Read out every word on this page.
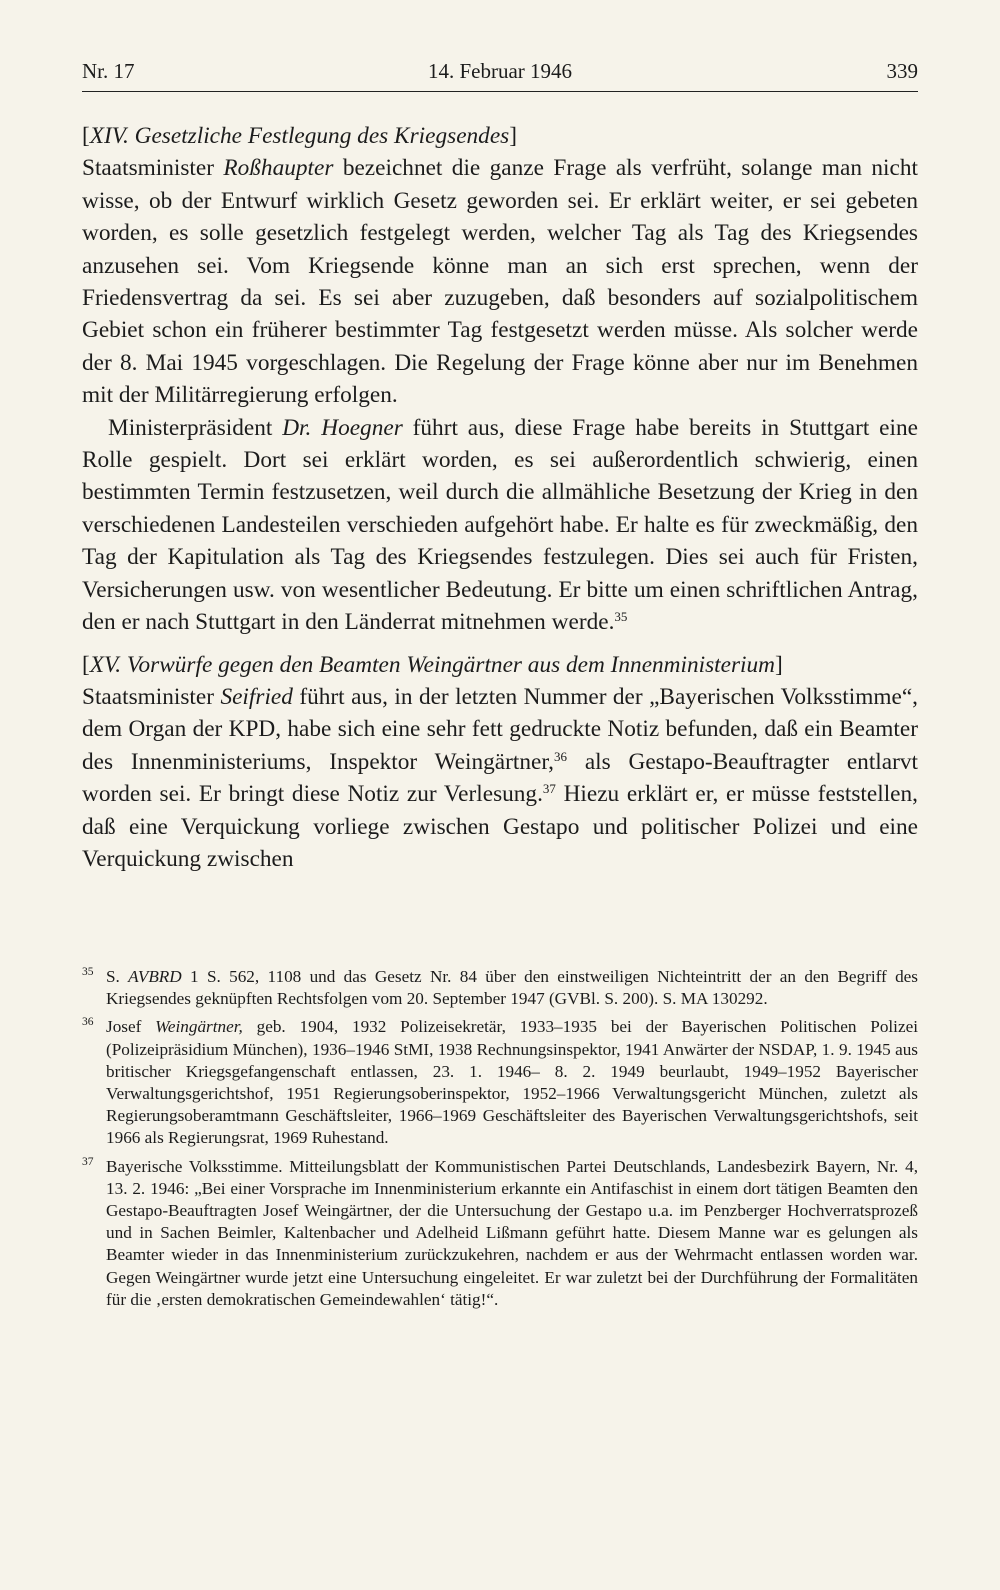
Nr. 17	14. Februar 1946	339

[XIV. Gesetzliche Festlegung des Kriegsendes]

Staatsminister Roßhaupter bezeichnet die ganze Frage als verfrüht, solange man nicht wisse, ob der Entwurf wirklich Gesetz geworden sei. Er erklärt weiter, er sei gebeten worden, es solle gesetzlich festgelegt werden, welcher Tag als Tag des Kriegsendes anzusehen sei. Vom Kriegsende könne man an sich erst sprechen, wenn der Friedensvertrag da sei. Es sei aber zuzugeben, daß besonders auf sozialpolitischem Gebiet schon ein früherer bestimmter Tag festgesetzt werden müsse. Als solcher werde der 8. Mai 1945 vorgeschlagen. Die Regelung der Frage könne aber nur im Benehmen mit der Militärregierung erfolgen.

Ministerpräsident Dr. Hoegner führt aus, diese Frage habe bereits in Stuttgart eine Rolle gespielt. Dort sei erklärt worden, es sei außerordentlich schwierig, einen bestimmten Termin festzusetzen, weil durch die allmähliche Besetzung der Krieg in den verschiedenen Landesteilen verschieden aufgehört habe. Er halte es für zweckmäßig, den Tag der Kapitulation als Tag des Kriegsendes festzulegen. Dies sei auch für Fristen, Versicherungen usw. von wesentlicher Bedeutung. Er bitte um einen schriftlichen Antrag, den er nach Stuttgart in den Länderrat mitnehmen werde.$^{35}$

[XV. Vorwürfe gegen den Beamten Weingärtner aus dem Innenministerium]

Staatsminister Seifried führt aus, in der letzten Nummer der „Bayerischen Volksstimme“, dem Organ der KPD, habe sich eine sehr fett gedruckte Notiz befunden, daß ein Beamter des Innenministeriums, Inspektor Weingärtner,$^{36}$ als Gestapo-Beauftragter entlarvt worden sei. Er bringt diese Notiz zur Verlesung.$^{37}$ Hiezu erklärt er, er müsse feststellen, daß eine Verquickung vorliege zwischen Gestapo und politischer Polizei und eine Verquickung zwischen

35 S. AVBRD 1 S. 562, 1108 und das Gesetz Nr. 84 über den einstweiligen Nichteintritt der an den Begriff des Kriegsendes geknüpften Rechtsfolgen vom 20. September 1947 (GVBl. S. 200). S. MA 130292.

36 Josef Weingärtner, geb. 1904, 1932 Polizeisekretär, 1933–1935 bei der Bayerischen Politischen Polizei (Polizeipräsidium München), 1936–1946 StMI, 1938 Rechnungsinspektor, 1941 Anwärter der NSDAP, 1. 9. 1945 aus britischer Kriegsgefangenschaft entlassen, 23. 1. 1946– 8. 2. 1949 beurlaubt, 1949–1952 Bayerischer Verwaltungsgerichtshof, 1951 Regierungsoberinspektor, 1952–1966 Verwaltungsgericht München, zuletzt als Regierungsoberamtmann Geschäftsleiter, 1966–1969 Geschäftsleiter des Bayerischen Verwaltungsgerichtshofs, seit 1966 als Regierungsrat, 1969 Ruhestand.

37 Bayerische Volksstimme. Mitteilungsblatt der Kommunistischen Partei Deutschlands, Landesbezirk Bayern, Nr. 4, 13. 2. 1946: „Bei einer Vorsprache im Innenministerium erkannte ein Antifaschist in einem dort tätigen Beamten den Gestapo-Beauftragten Josef Weingärtner, der die Untersuchung der Gestapo u.a. im Penzberger Hochverratsprozeß und in Sachen Beimler, Kaltenbacher und Adelheid Lißmann geführt hatte. Diesem Manne war es gelungen als Beamter wieder in das Innenministerium zurückzukehren, nachdem er aus der Wehrmacht entlassen worden war. Gegen Weingärtner wurde jetzt eine Untersuchung eingeleitet. Er war zuletzt bei der Durchführung der Formalitäten für die ‚ersten demokratischen Gemeindewahlen‘ tätig!“.
